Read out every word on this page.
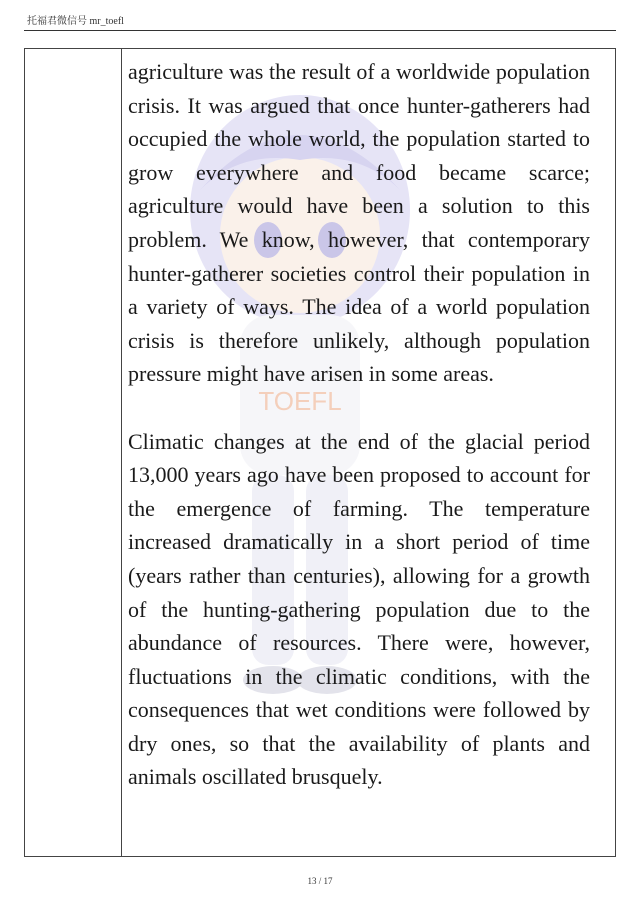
托福君微信号 mr_toefl
TOEFL

agriculture was the result of a worldwide population crisis. It was argued that once hunter-gatherers had occupied the whole world, the population started to grow everywhere and food became scarce; agriculture would have been a solution to this problem. We know, however, that contemporary hunter-gatherer societies control their population in a variety of ways. The idea of a world population crisis is therefore unlikely, although population pressure might have arisen in some areas.

Climatic changes at the end of the glacial period 13,000 years ago have been proposed to account for the emergence of farming. The temperature increased dramatically in a short period of time (years rather than centuries), allowing for a growth of the hunting-gathering population due to the abundance of resources. There were, however, fluctuations in the climatic conditions, with the consequences that wet conditions were followed by dry ones, so that the availability of plants and animals oscillated brusquely.

13 / 17
